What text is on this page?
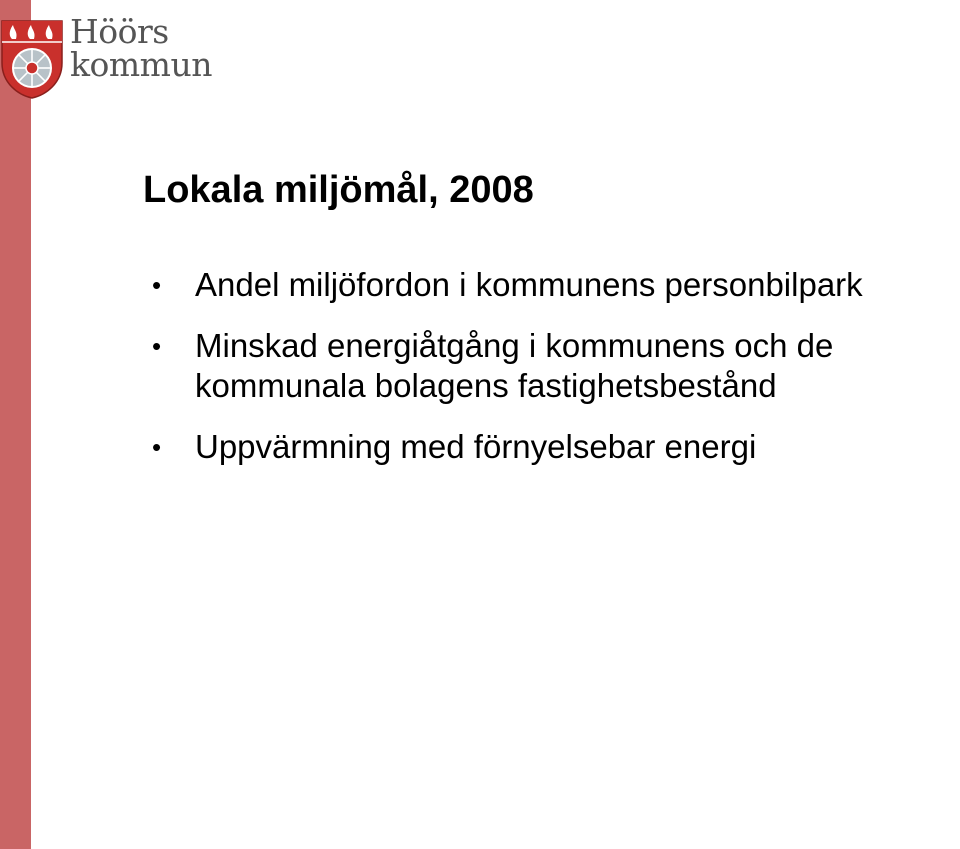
Höörs
kommun
Lokala miljömål, 2008
• Andel miljöfordon i kommunens personbilpark
• Minskad energiåtgång i kommunens och de kommunala bolagens fastighetsbestånd
• Uppvärmning med förnyelsebar energi
